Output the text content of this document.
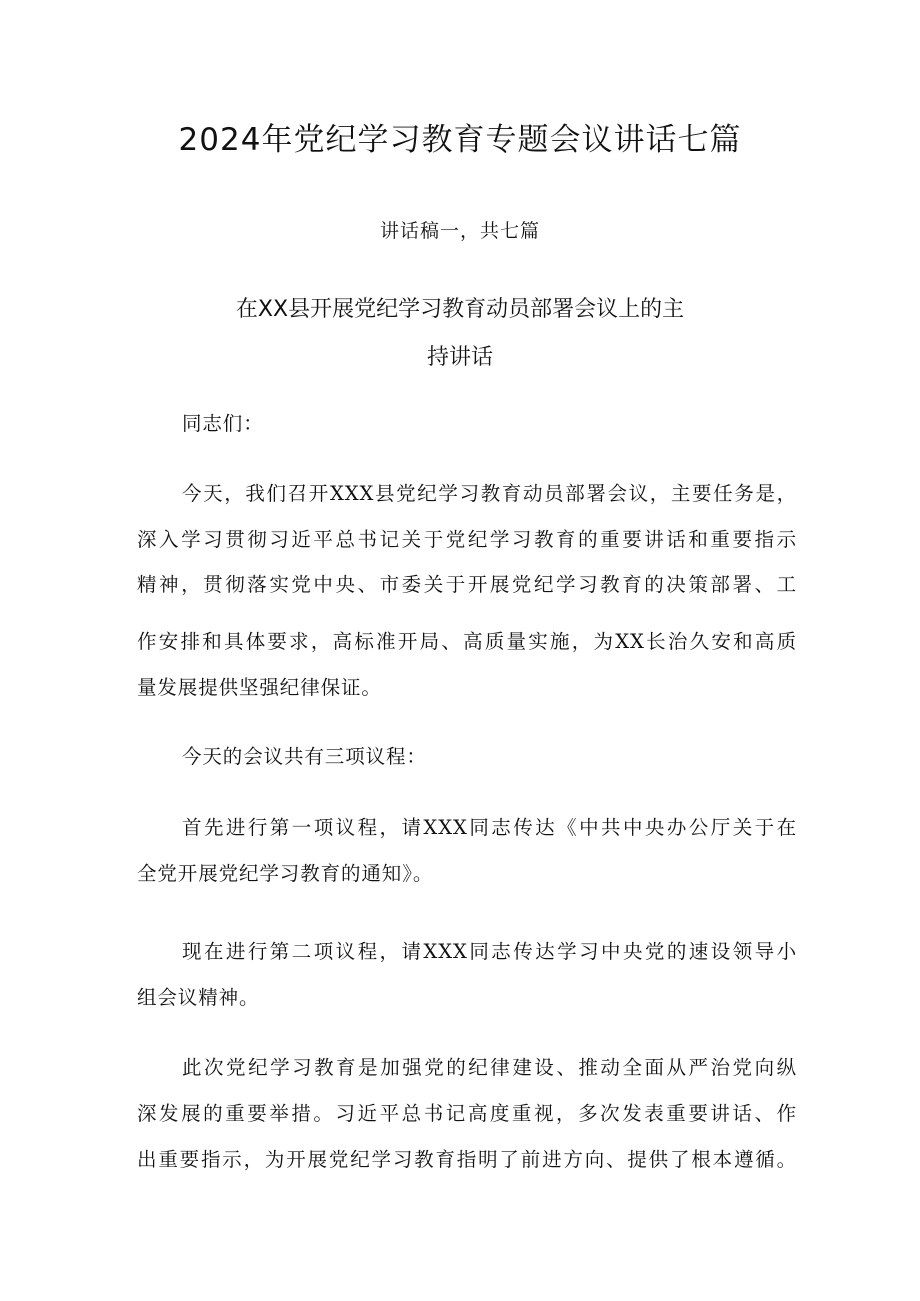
2024年党纪学习教育专题会议讲话七篇
讲话稿一，共七篇
在XX县开展党纪学习教育动员部署会议上的主
持讲话

同志们：

今天，我们召开XXX县党纪学习教育动员部署会议，主要任务是，

深入学习贯彻习近平总书记关于党纪学习教育的重要讲话和重要指示

精神，贯彻落实党中央、市委关于开展党纪学习教育的决策部署、工

作安排和具体要求，高标准开局、高质量实施，为XX长治久安和高质

量发展提供坚强纪律保证。

今天的会议共有三项议程：

首先进行第一项议程，请XXX同志传达《中共中央办公厅关于在

全党开展党纪学习教育的通知》。

现在进行第二项议程，请XXX同志传达学习中央党的速设领导小

组会议精神。

此次党纪学习教育是加强党的纪律建设、推动全面从严治党向纵

深发展的重要举措。习近平总书记高度重视，多次发表重要讲话、作

出重要指示，为开展党纪学习教育指明了前进方向、提供了根本遵循。
